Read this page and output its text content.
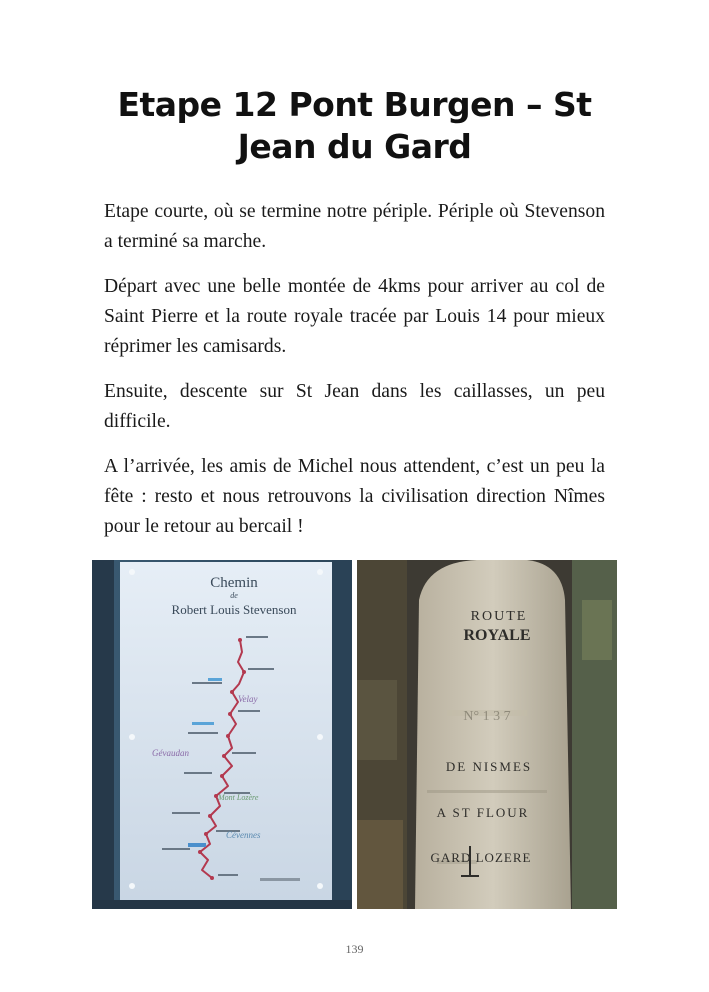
Etape 12 Pont Burgen – St Jean du Gard

Etape courte, où se termine notre périple. Périple où Stevenson a terminé sa marche.

Départ avec une belle montée de 4kms pour arriver au col de Saint Pierre et la route royale tracée par Louis 14 pour mieux réprimer les camisards.

Ensuite, descente sur St Jean dans les caillasses, un peu difficile.

A l’arrivée, les amis de Michel nous attendent, c’est un peu la fête : resto et nous retrouvons la civilisation direction Nîmes pour le retour au bercail !

Chemin
de
Robert Louis Stevenson
Velay
Gévaudan
Mont Lozère
Cévennes
ROUTE
ROYALE
N° 1 3 7
DE NISMES
A ST FLOUR
GARD LOZERE
139
